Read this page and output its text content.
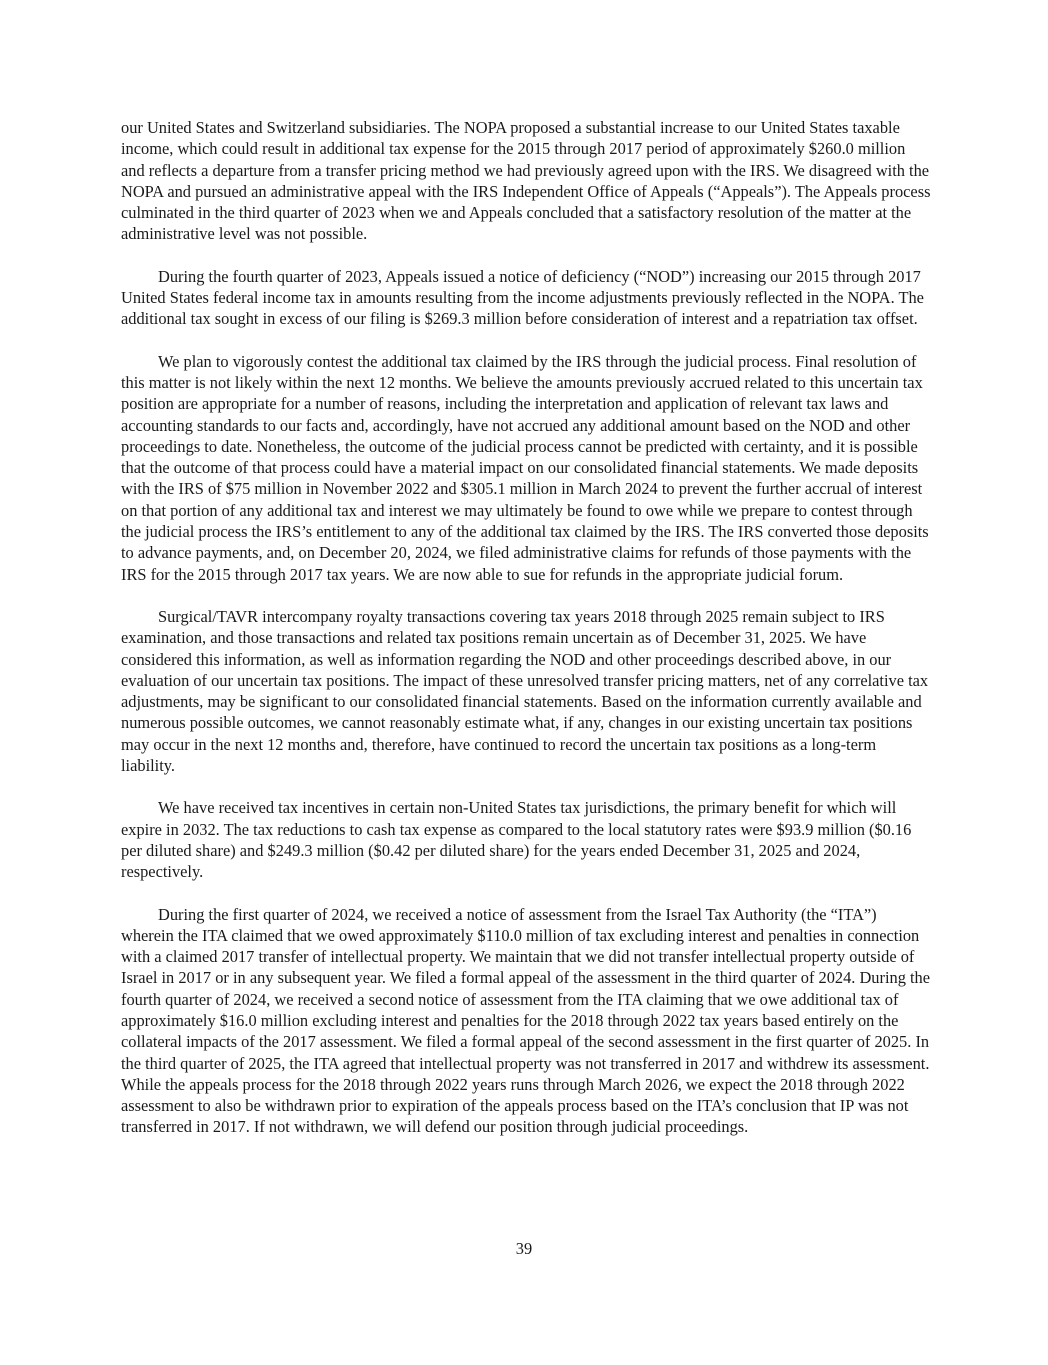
our United States and Switzerland subsidiaries. The NOPA proposed a substantial increase to our United States taxable income, which could result in additional tax expense for the 2015 through 2017 period of approximately $260.0 million and reflects a departure from a transfer pricing method we had previously agreed upon with the IRS. We disagreed with the NOPA and pursued an administrative appeal with the IRS Independent Office of Appeals (“Appeals”). The Appeals process culminated in the third quarter of 2023 when we and Appeals concluded that a satisfactory resolution of the matter at the administrative level was not possible.

During the fourth quarter of 2023, Appeals issued a notice of deficiency (“NOD”) increasing our 2015 through 2017 United States federal income tax in amounts resulting from the income adjustments previously reflected in the NOPA. The additional tax sought in excess of our filing is $269.3 million before consideration of interest and a repatriation tax offset.

We plan to vigorously contest the additional tax claimed by the IRS through the judicial process. Final resolution of this matter is not likely within the next 12 months. We believe the amounts previously accrued related to this uncertain tax position are appropriate for a number of reasons, including the interpretation and application of relevant tax laws and accounting standards to our facts and, accordingly, have not accrued any additional amount based on the NOD and other proceedings to date. Nonetheless, the outcome of the judicial process cannot be predicted with certainty, and it is possible that the outcome of that process could have a material impact on our consolidated financial statements. We made deposits with the IRS of $75 million in November 2022 and $305.1 million in March 2024 to prevent the further accrual of interest on that portion of any additional tax and interest we may ultimately be found to owe while we prepare to contest through the judicial process the IRS’s entitlement to any of the additional tax claimed by the IRS. The IRS converted those deposits to advance payments, and, on December 20, 2024, we filed administrative claims for refunds of those payments with the IRS for the 2015 through 2017 tax years. We are now able to sue for refunds in the appropriate judicial forum.

Surgical/TAVR intercompany royalty transactions covering tax years 2018 through 2025 remain subject to IRS examination, and those transactions and related tax positions remain uncertain as of December 31, 2025. We have considered this information, as well as information regarding the NOD and other proceedings described above, in our evaluation of our uncertain tax positions. The impact of these unresolved transfer pricing matters, net of any correlative tax adjustments, may be significant to our consolidated financial statements. Based on the information currently available and numerous possible outcomes, we cannot reasonably estimate what, if any, changes in our existing uncertain tax positions may occur in the next 12 months and, therefore, have continued to record the uncertain tax positions as a long-term liability.

We have received tax incentives in certain non-United States tax jurisdictions, the primary benefit for which will expire in 2032. The tax reductions to cash tax expense as compared to the local statutory rates were $93.9 million ($0.16 per diluted share) and $249.3 million ($0.42 per diluted share) for the years ended December 31, 2025 and 2024, respectively.

During the first quarter of 2024, we received a notice of assessment from the Israel Tax Authority (the “ITA”) wherein the ITA claimed that we owed approximately $110.0 million of tax excluding interest and penalties in connection with a claimed 2017 transfer of intellectual property. We maintain that we did not transfer intellectual property outside of Israel in 2017 or in any subsequent year. We filed a formal appeal of the assessment in the third quarter of 2024. During the fourth quarter of 2024, we received a second notice of assessment from the ITA claiming that we owe additional tax of approximately $16.0 million excluding interest and penalties for the 2018 through 2022 tax years based entirely on the collateral impacts of the 2017 assessment. We filed a formal appeal of the second assessment in the first quarter of 2025. In the third quarter of 2025, the ITA agreed that intellectual property was not transferred in 2017 and withdrew its assessment. While the appeals process for the 2018 through 2022 years runs through March 2026, we expect the 2018 through 2022 assessment to also be withdrawn prior to expiration of the appeals process based on the ITA’s conclusion that IP was not transferred in 2017. If not withdrawn, we will defend our position through judicial proceedings.

39
